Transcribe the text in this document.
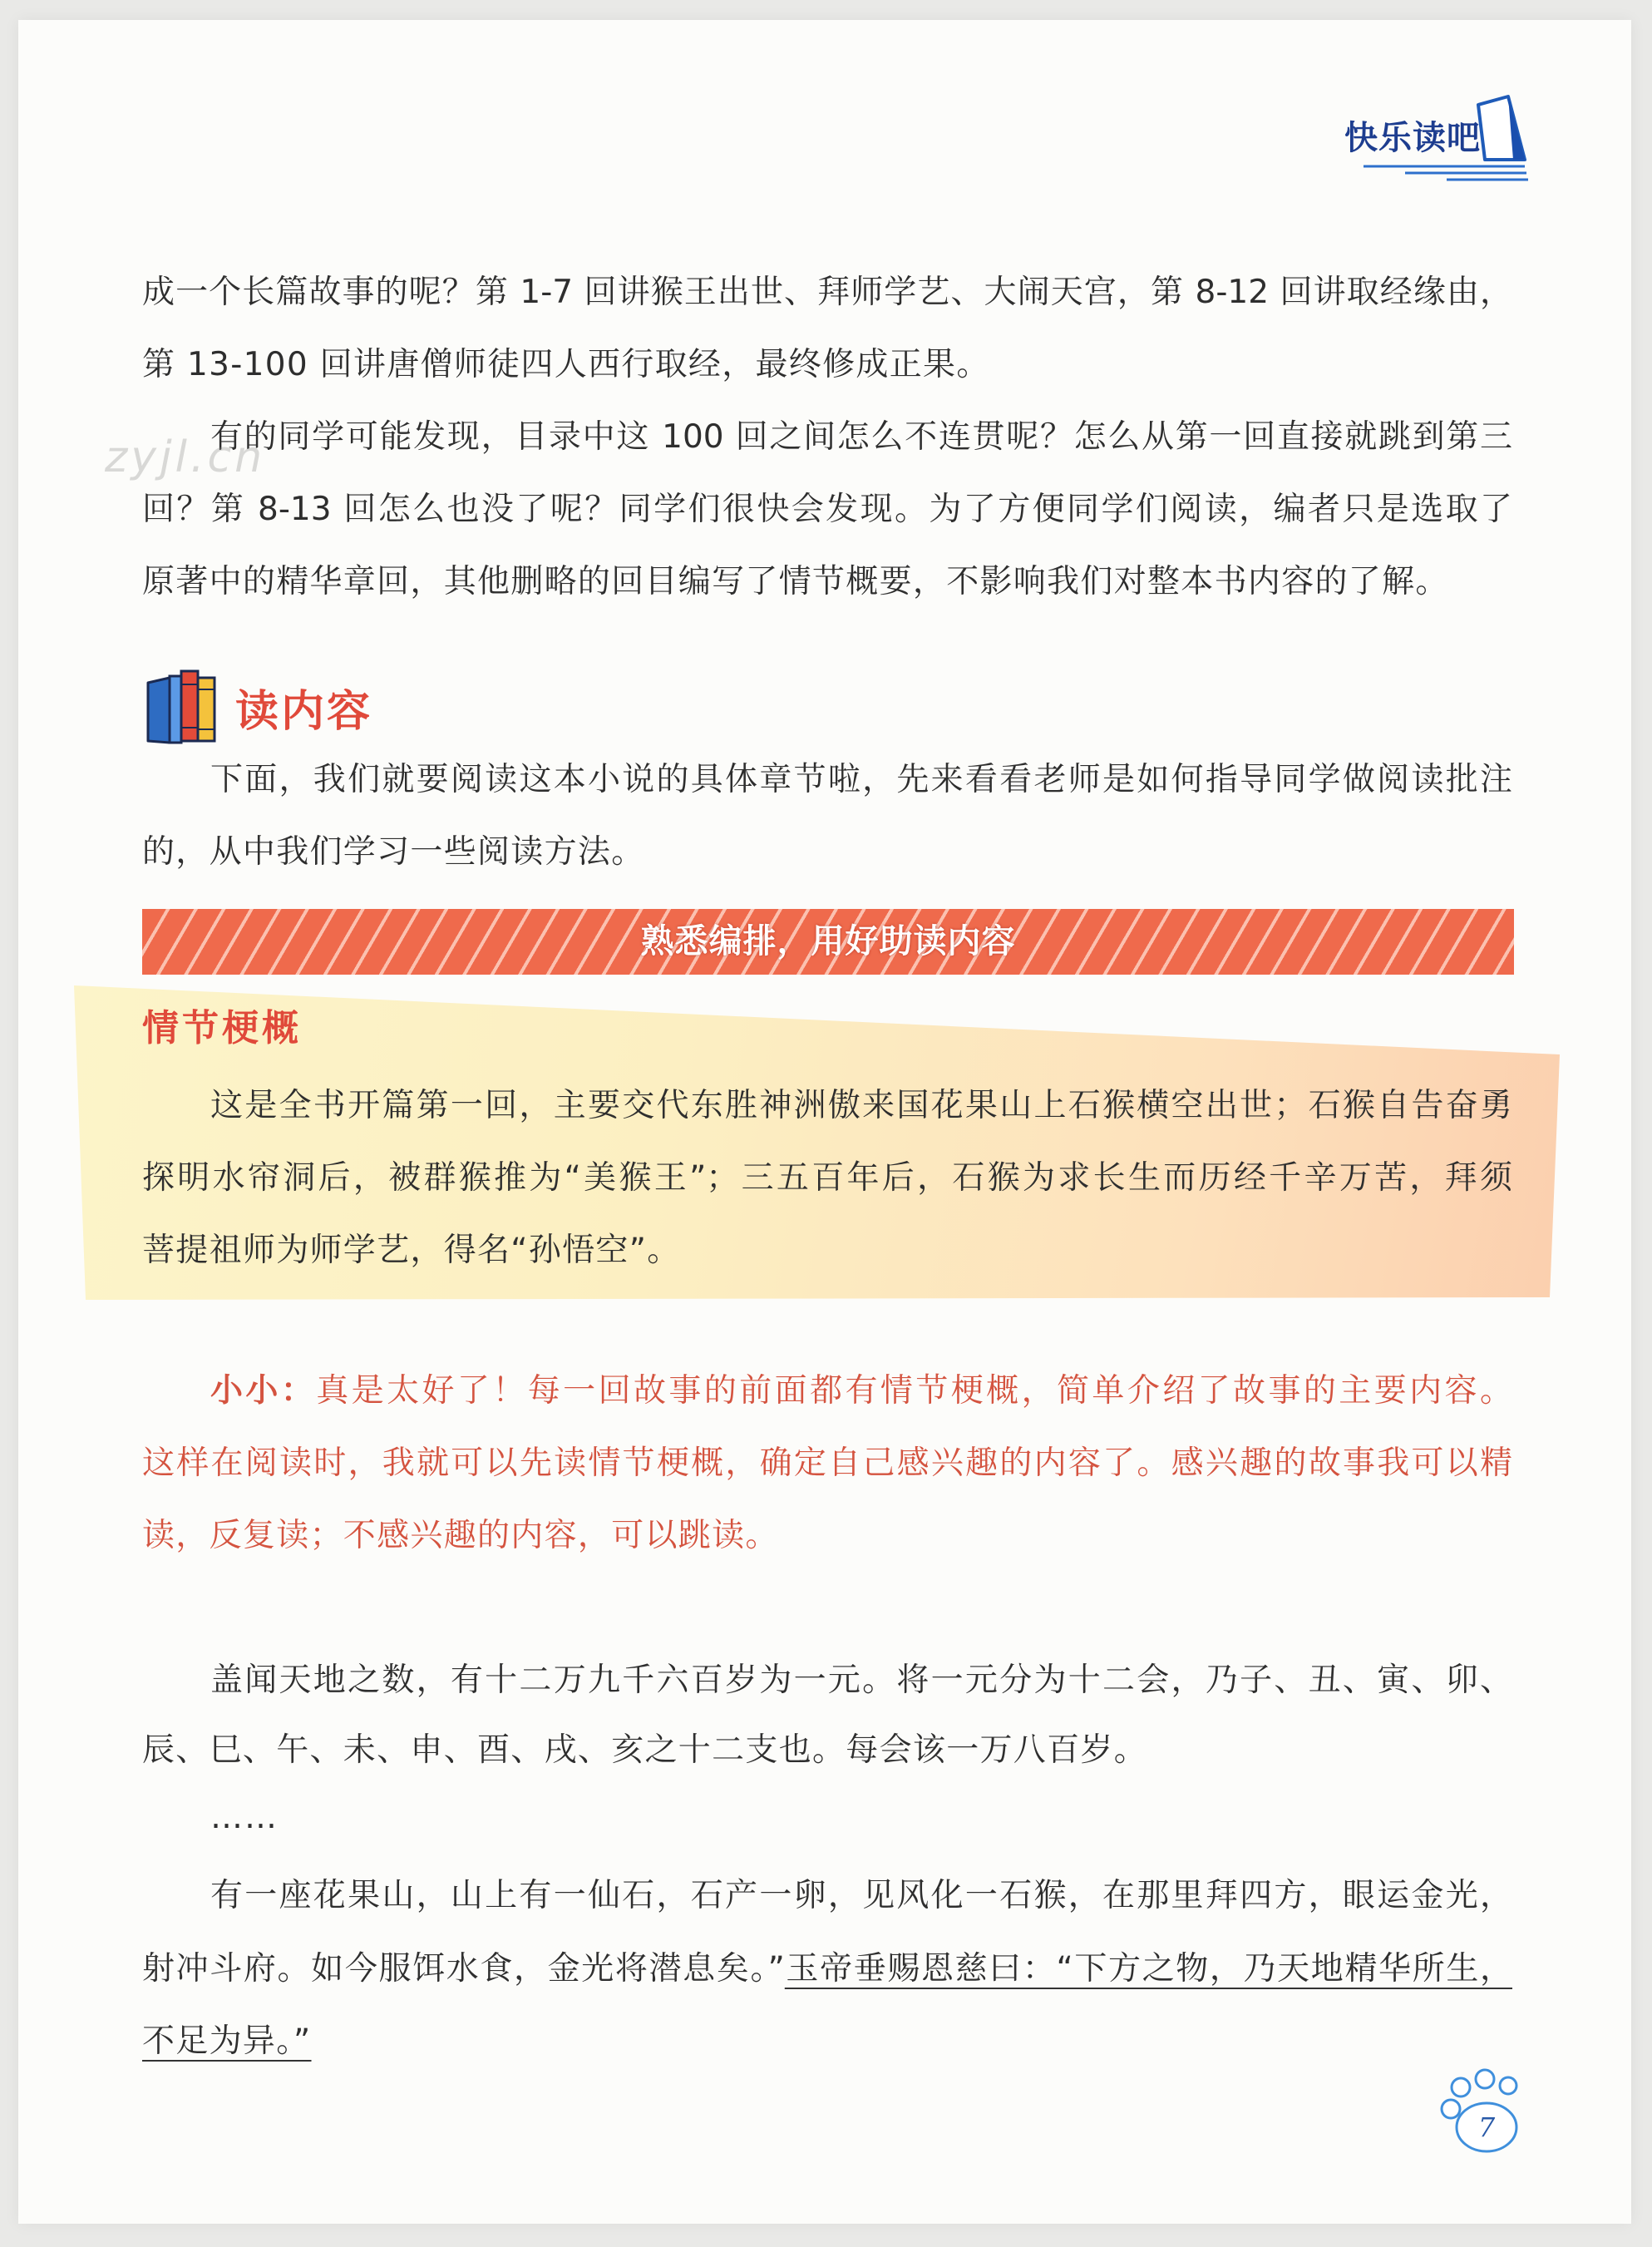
快乐读吧
成一个长篇故事的呢？第 1-7 回讲猴王出世、拜师学艺、大闹天宫，第 8-12 回讲取经缘由，
第 13-100 回讲唐僧师徒四人西行取经，最终修成正果。
有的同学可能发现，目录中这 100 回之间怎么不连贯呢？怎么从第一回直接就跳到第三
回？第 8-13 回怎么也没了呢？同学们很快会发现。为了方便同学们阅读，编者只是选取了
原著中的精华章回，其他删略的回目编写了情节概要，不影响我们对整本书内容的了解。
zyjl.cn
读内容
下面，我们就要阅读这本小说的具体章节啦，先来看看老师是如何指导同学做阅读批注
的，从中我们学习一些阅读方法。
熟悉编排，用好助读内容
情节梗概
这是全书开篇第一回，主要交代东胜神洲傲来国花果山上石猴横空出世；石猴自告奋勇
探明水帘洞后，被群猴推为“美猴王”；三五百年后，石猴为求长生而历经千辛万苦，拜须
菩提祖师为师学艺，得名“孙悟空”。
小小：真是太好了！每一回故事的前面都有情节梗概，简单介绍了故事的主要内容。
这样在阅读时，我就可以先读情节梗概，确定自己感兴趣的内容了。感兴趣的故事我可以精
读，反复读；不感兴趣的内容，可以跳读。
盖闻天地之数，有十二万九千六百岁为一元。将一元分为十二会，乃子、丑、寅、卯、
辰、巳、午、未、申、酉、戌、亥之十二支也。每会该一万八百岁。
……
有一座花果山，山上有一仙石，石产一卵，见风化一石猴，在那里拜四方，眼运金光，
射冲斗府。如今服饵水食，金光将潜息矣。”玉帝垂赐恩慈曰：“下方之物，乃天地精华所生，
不足为异。”
7
